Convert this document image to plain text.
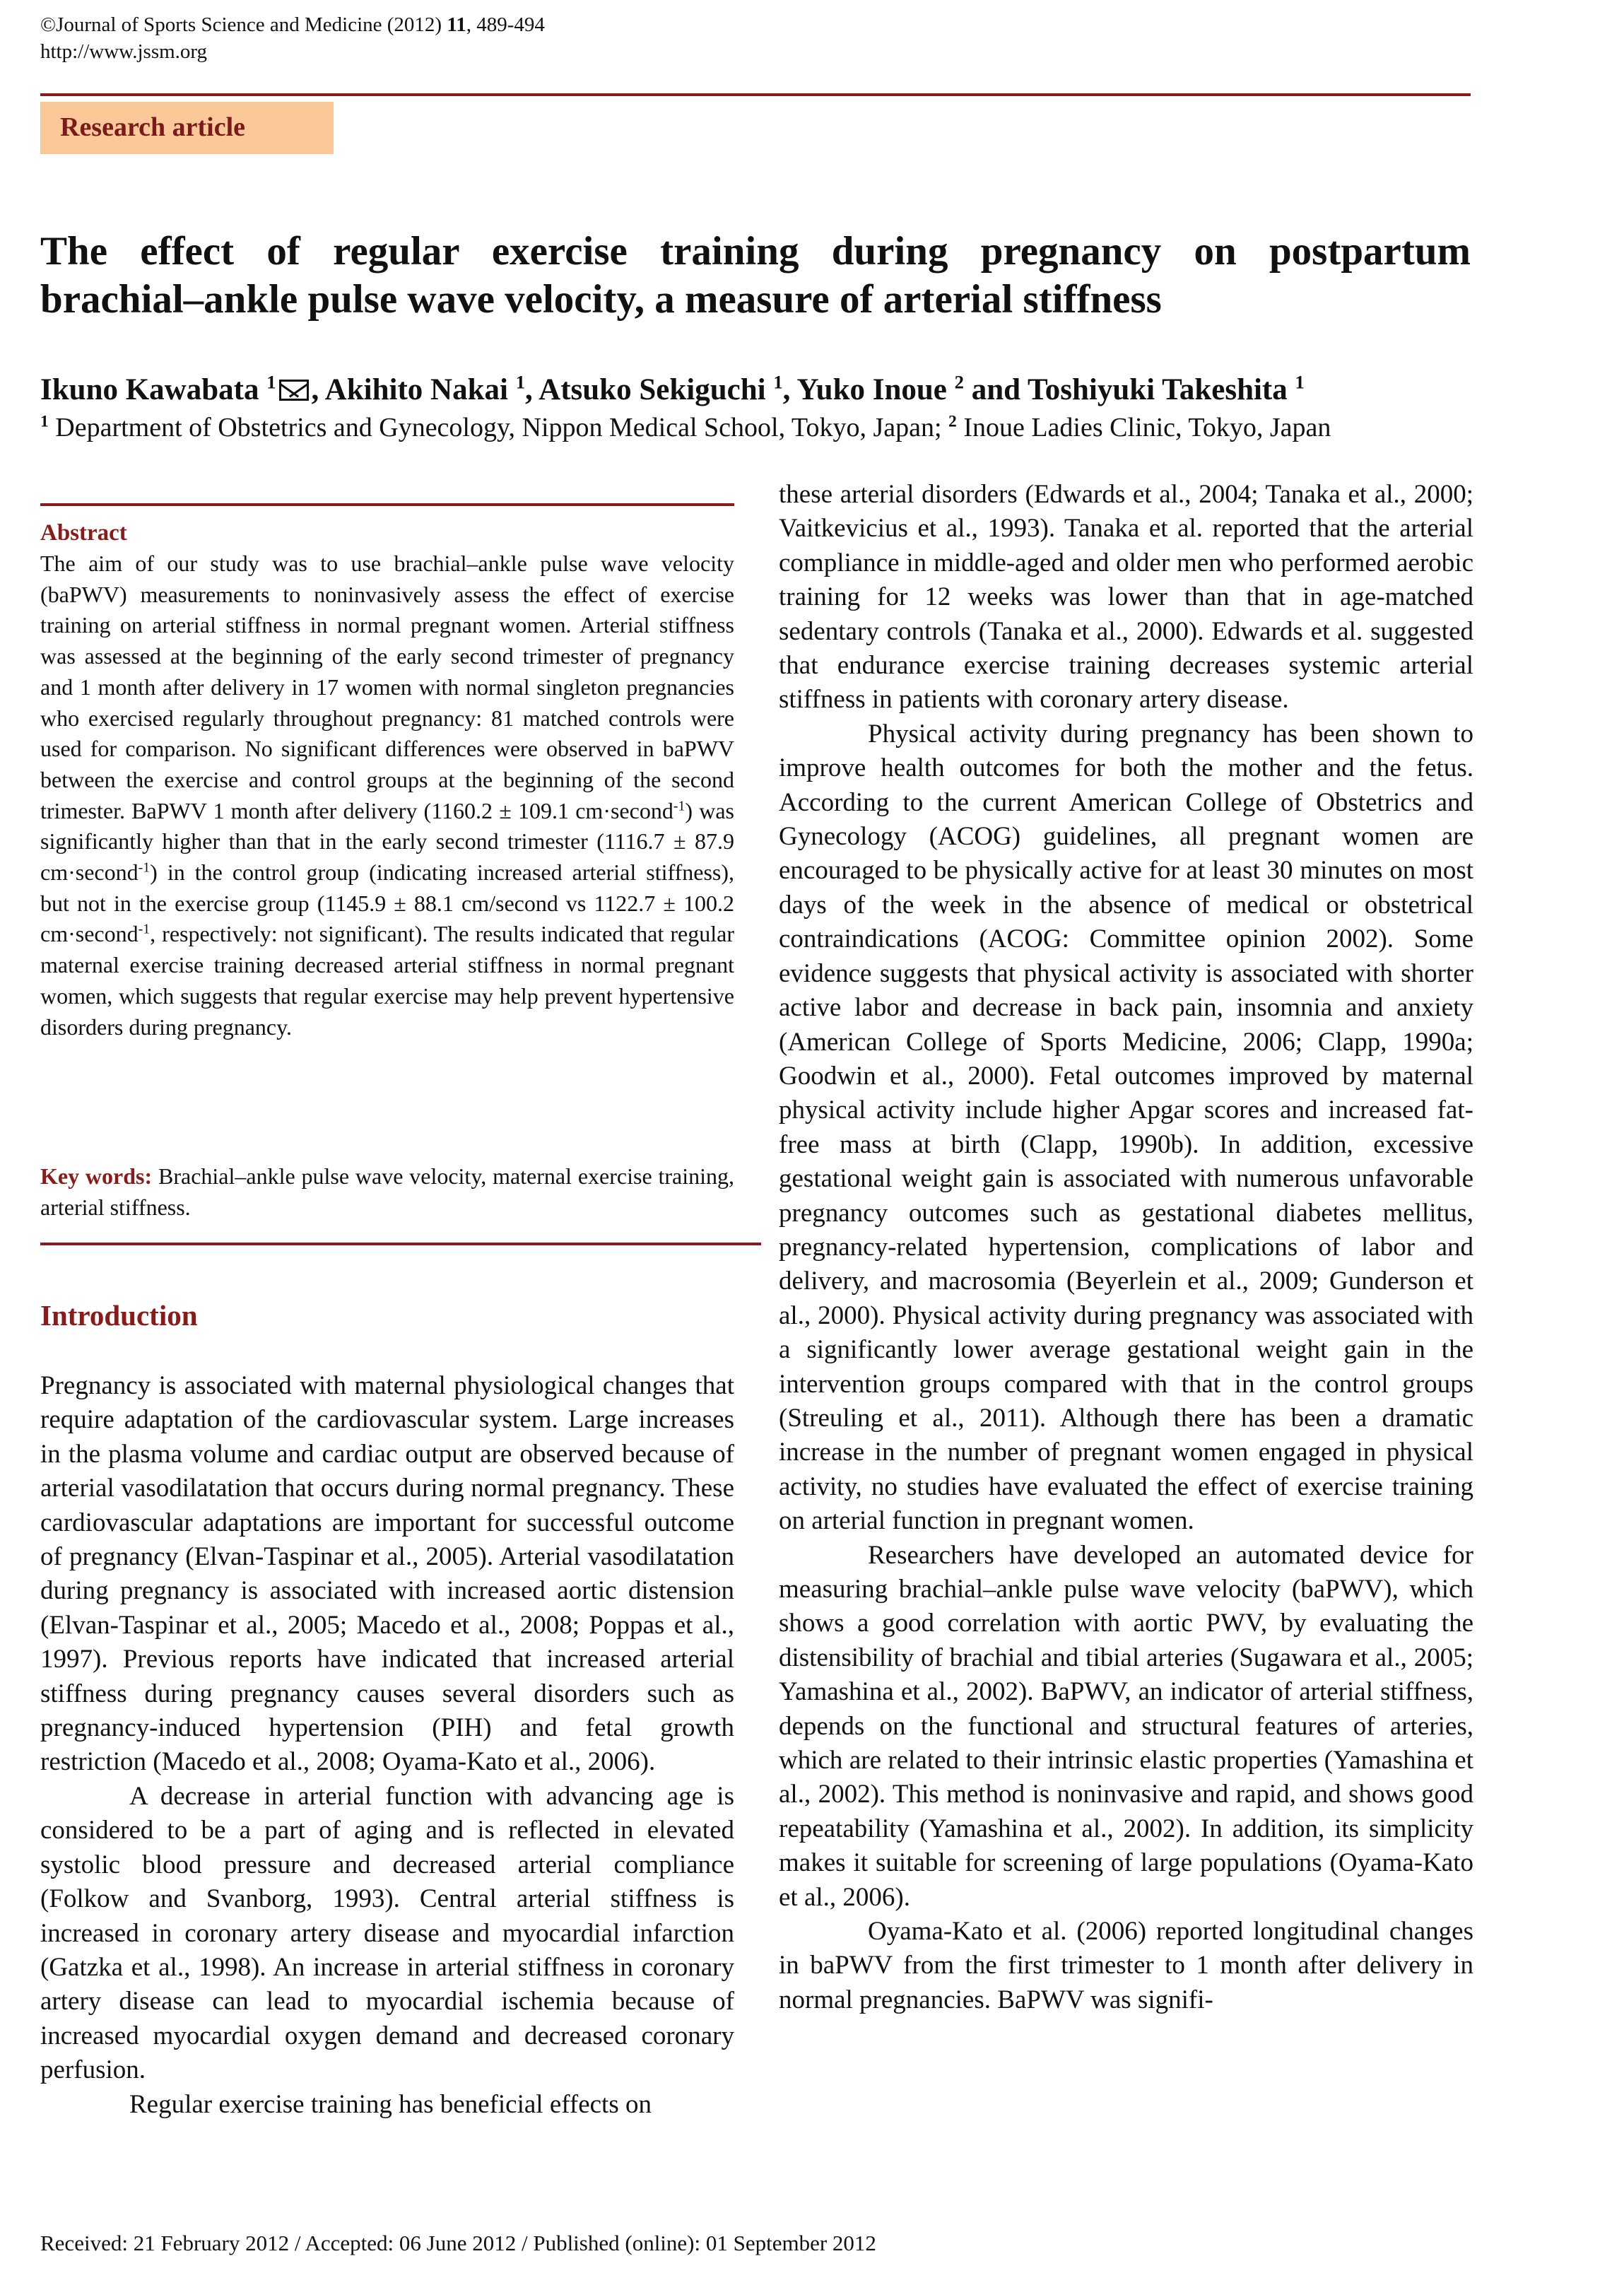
©Journal of Sports Science and Medicine (2012) 11, 489-494
http://www.jssm.org
Research article
The effect of regular exercise training during pregnancy on postpartum
brachial–ankle pulse wave velocity, a measure of arterial stiffness
Ikuno Kawabata $^1$ , Akihito Nakai $^1$, Atsuko Sekiguchi $^1$, Yuko Inoue $^2$ and Toshiyuki Takeshita $^1$
$^1$ Department of Obstetrics and Gynecology, Nippon Medical School, Tokyo, Japan; $^2$ Inoue Ladies Clinic, Tokyo, Japan
Abstract
The aim of our study was to use brachial–ankle pulse wave velocity (baPWV) measurements to noninvasively assess the effect of exercise training on arterial stiffness in normal pregnant women. Arterial stiffness was assessed at the beginning of the early second trimester of pregnancy and 1 month after delivery in 17 women with normal singleton pregnancies who exercised regularly throughout pregnancy: 81 matched controls were used for comparison. No significant differences were observed in baPWV between the exercise and control groups at the beginning of the second trimester. BaPWV 1 month after delivery (1160.2 ± 109.1 cm·second$^{-1}$) was significantly higher than that in the early second trimester (1116.7 ± 87.9 cm·second$^{-1}$) in the control group (indicating increased arterial stiffness), but not in the exercise group (1145.9 ± 88.1 cm/second vs 1122.7 ± 100.2 cm·second$^{-1}$, respectively: not significant). The results indicated that regular maternal exercise training decreased arterial stiffness in normal pregnant women, which suggests that regular exercise may help prevent hypertensive disorders during pregnancy.
Key words: Brachial–ankle pulse wave velocity, maternal exercise training, arterial stiffness.
Introduction

Pregnancy is associated with maternal physiological changes that require adaptation of the cardiovascular system. Large increases in the plasma volume and cardiac output are observed because of arterial vasodilatation that occurs during normal pregnancy. These cardiovascular adaptations are important for successful outcome of pregnancy (Elvan-Taspinar et al., 2005). Arterial vasodilatation during pregnancy is associated with increased aortic distension (Elvan-Taspinar et al., 2005; Macedo et al., 2008; Poppas et al., 1997). Previous reports have indicated that increased arterial stiffness during pregnancy causes several disorders such as pregnancy-induced hypertension (PIH) and fetal growth restriction (Macedo et al., 2008; Oyama-Kato et al., 2006).

A decrease in arterial function with advancing age is considered to be a part of aging and is reflected in elevated systolic blood pressure and decreased arterial compliance (Folkow and Svanborg, 1993). Central arterial stiffness is increased in coronary artery disease and myocardial infarction (Gatzka et al., 1998). An increase in arterial stiffness in coronary artery disease can lead to myocardial ischemia because of increased myocardial oxygen demand and decreased coronary perfusion.

Regular exercise training has beneficial effects on

these arterial disorders (Edwards et al., 2004; Tanaka et al., 2000; Vaitkevicius et al., 1993). Tanaka et al. reported that the arterial compliance in middle-aged and older men who performed aerobic training for 12 weeks was lower than that in age-matched sedentary controls (Tanaka et al., 2000). Edwards et al. suggested that endurance exercise training decreases systemic arterial stiffness in patients with coronary artery disease.

Physical activity during pregnancy has been shown to improve health outcomes for both the mother and the fetus. According to the current American College of Obstetrics and Gynecology (ACOG) guidelines, all pregnant women are encouraged to be physically active for at least 30 minutes on most days of the week in the absence of medical or obstetrical contraindications (ACOG: Committee opinion 2002). Some evidence suggests that physical activity is associated with shorter active labor and decrease in back pain, insomnia and anxiety (American College of Sports Medicine, 2006; Clapp, 1990a; Goodwin et al., 2000). Fetal outcomes improved by maternal physical activity include higher Apgar scores and increased fat-free mass at birth (Clapp, 1990b). In addition, excessive gestational weight gain is associated with numerous unfavorable pregnancy outcomes such as gestational diabetes mellitus, pregnancy-related hypertension, complications of labor and delivery, and macrosomia (Beyerlein et al., 2009; Gunderson et al., 2000). Physical activity during pregnancy was associated with a significantly lower average gestational weight gain in the intervention groups compared with that in the control groups (Streuling et al., 2011). Although there has been a dramatic increase in the number of pregnant women engaged in physical activity, no studies have evaluated the effect of exercise training on arterial function in pregnant women.

Researchers have developed an automated device for measuring brachial–ankle pulse wave velocity (baPWV), which shows a good correlation with aortic PWV, by evaluating the distensibility of brachial and tibial arteries (Sugawara et al., 2005; Yamashina et al., 2002). BaPWV, an indicator of arterial stiffness, depends on the functional and structural features of arteries, which are related to their intrinsic elastic properties (Yamashina et al., 2002). This method is noninvasive and rapid, and shows good repeatability (Yamashina et al., 2002). In addition, its simplicity makes it suitable for screening of large populations (Oyama-Kato et al., 2006).

Oyama-Kato et al. (2006) reported longitudinal changes in baPWV from the first trimester to 1 month after delivery in normal pregnancies. BaPWV was signifi-

Received: 21 February 2012 / Accepted: 06 June 2012 / Published (online): 01 September 2012
